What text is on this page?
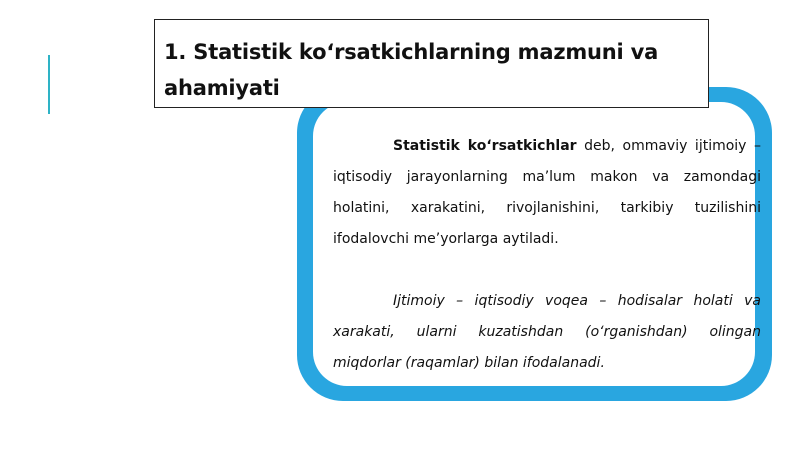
1. Statistik ko‘rsatkichlarning mazmuni va ahamiyati

Statistik ko‘rsatkichlar deb, ommaviy ijtimoiy – iqtisodiy jarayonlarning ma’lum makon va zamondagi holatini, xarakatini, rivojlanishini, tarkibiy tuzilishini ifodalovchi me’yorlarga aytiladi.

Ijtimoiy – iqtisodiy voqea – hodisalar holati va xarakati, ularni kuzatishdan (o‘rganishdan) olingan miqdorlar (raqamlar) bilan ifodalanadi.
